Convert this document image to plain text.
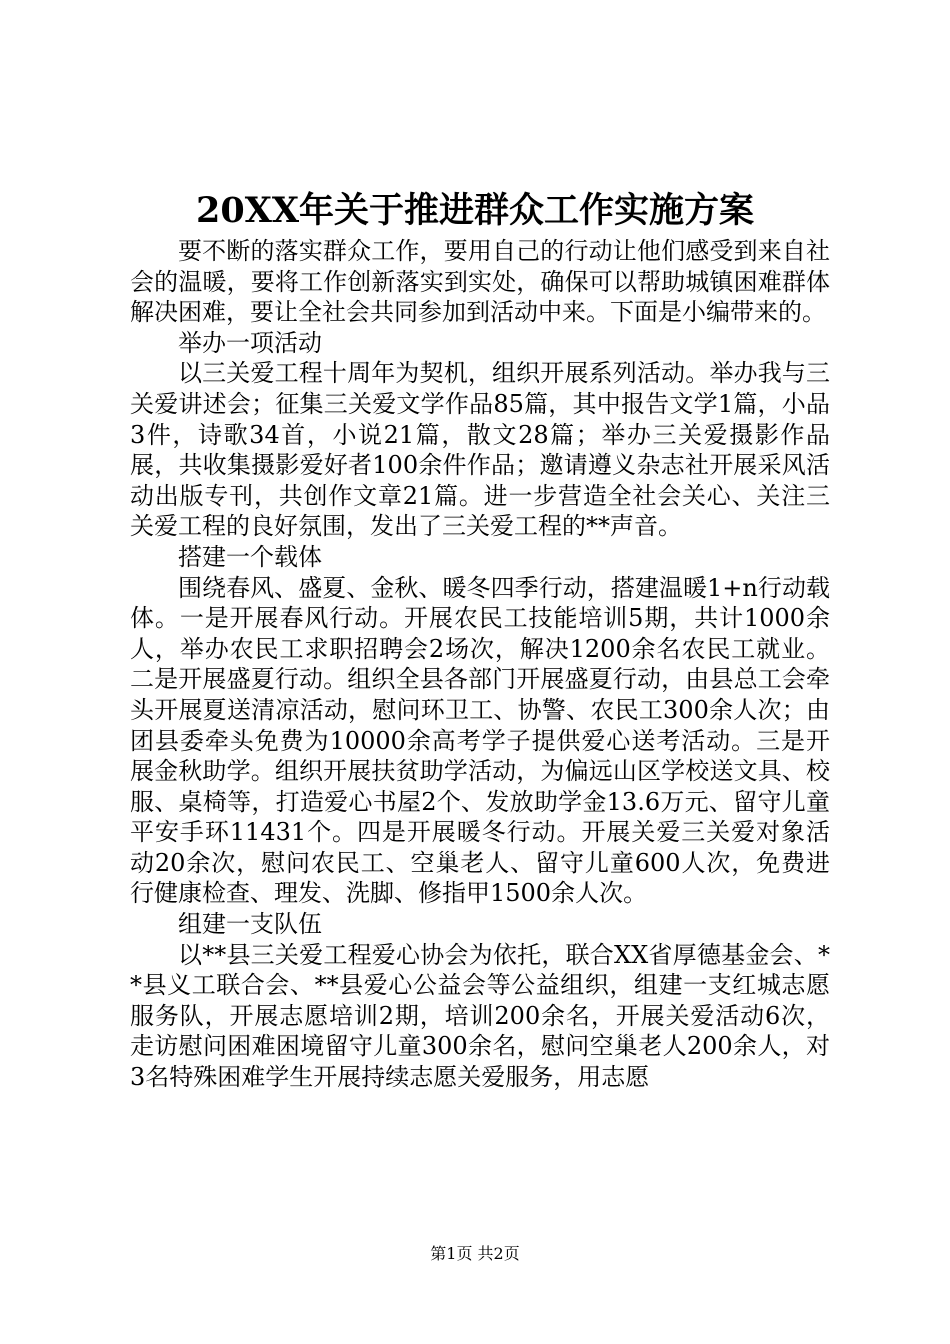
20XX年关于推进群众工作实施方案

要不断的落实群众工作，要用自己的行动让他们感受到来自社会的温暖，要将工作创新落实到实处，确保可以帮助城镇困难群体解决困难，要让全社会共同参加到活动中来。下面是小编带来的。

举办一项活动

以三关爱工程十周年为契机，组织开展系列活动。举办我与三关爱讲述会；征集三关爱文学作品85篇，其中报告文学1篇，小品3件，诗歌34首，小说21篇，散文28篇；举办三关爱摄影作品展，共收集摄影爱好者100余件作品；邀请遵义杂志社开展采风活动出版专刊，共创作文章21篇。进一步营造全社会关心、关注三关爱工程的良好氛围，发出了三关爱工程的**声音。

搭建一个载体

围绕春风、盛夏、金秋、暖冬四季行动，搭建温暖1+n行动载体。一是开展春风行动。开展农民工技能培训5期，共计1000余人，举办农民工求职招聘会2场次，解决1200余名农民工就业。二是开展盛夏行动。组织全县各部门开展盛夏行动，由县总工会牵头开展夏送清凉活动，慰问环卫工、协警、农民工300余人次；由团县委牵头免费为10000余高考学子提供爱心送考活动。三是开展金秋助学。组织开展扶贫助学活动，为偏远山区学校送文具、校服、桌椅等，打造爱心书屋2个、发放助学金13.6万元、留守儿童平安手环11431个。四是开展暖冬行动。开展关爱三关爱对象活动20余次，慰问农民工、空巢老人、留守儿童600人次，免费进行健康检查、理发、洗脚、修指甲1500余人次。

组建一支队伍

以**县三关爱工程爱心协会为依托，联合XX省厚德基金会、**县义工联合会、**县爱心公益会等公益组织，组建一支红城志愿服务队，开展志愿培训2期，培训200余名，开展关爱活动6次，走访慰问困难困境留守儿童300余名，慰问空巢老人200余人，对3名特殊困难学生开展持续志愿关爱服务，用志愿

第1页 共2页
